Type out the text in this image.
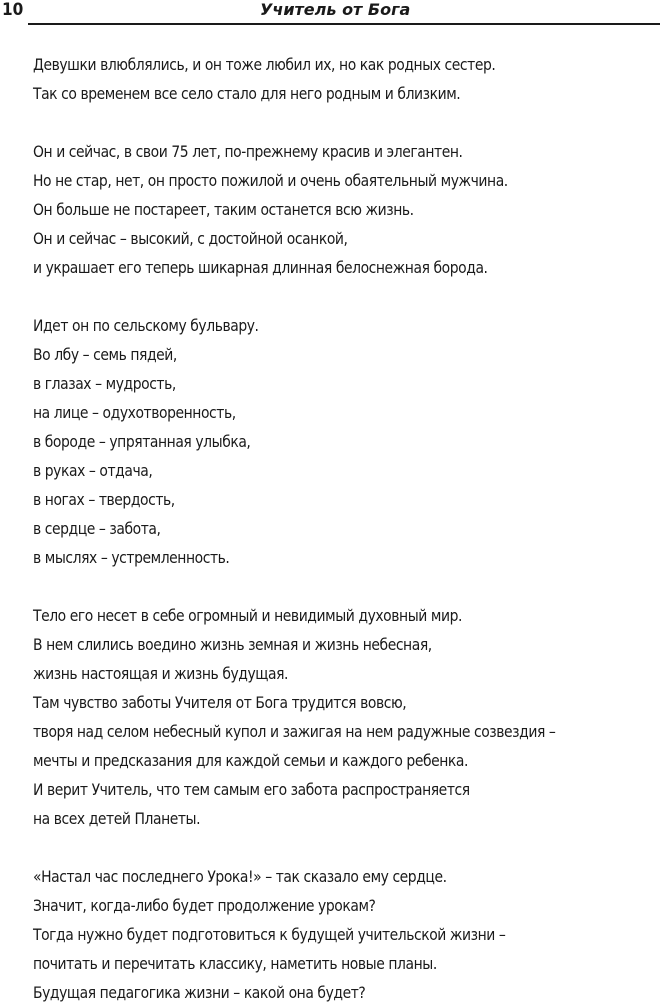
10	Учитель от Бога
Девушки влюблялись, и он тоже любил их, но как родных сестер.
Так со временем все село стало для него родным и близким.
Он и сейчас, в свои 75 лет, по-прежнему красив и элегантен.
Но не стар, нет, он просто пожилой и очень обаятельный мужчина.
Он больше не постареет, таким останется всю жизнь.
Он и сейчас – высокий, с достойной осанкой,
и украшает его теперь шикарная длинная белоснежная борода.
Идет он по сельскому бульвару.
Во лбу – семь пядей,
в глазах – мудрость,
на лице – одухотворенность,
в бороде – упрятанная улыбка,
в руках – отдача,
в ногах – твердость,
в сердце – забота,
в мыслях – устремленность.
Тело его несет в себе огромный и невидимый духовный мир.
В нем слились воедино жизнь земная и жизнь небесная,
жизнь настоящая и жизнь будущая.
Там чувство заботы Учителя от Бога трудится вовсю,
творя над селом небесный купол и зажигая на нем радужные созвездия –
мечты и предсказания для каждой семьи и каждого ребенка.
И верит Учитель, что тем самым его забота распространяется
на всех детей Планеты.
«Настал час последнего Урока!» – так сказало ему сердце.
Значит, когда-либо будет продолжение урокам?
Тогда нужно будет подготовиться к будущей учительской жизни –
почитать и перечитать классику, наметить новые планы.
Будущая педагогика жизни – какой она будет?
